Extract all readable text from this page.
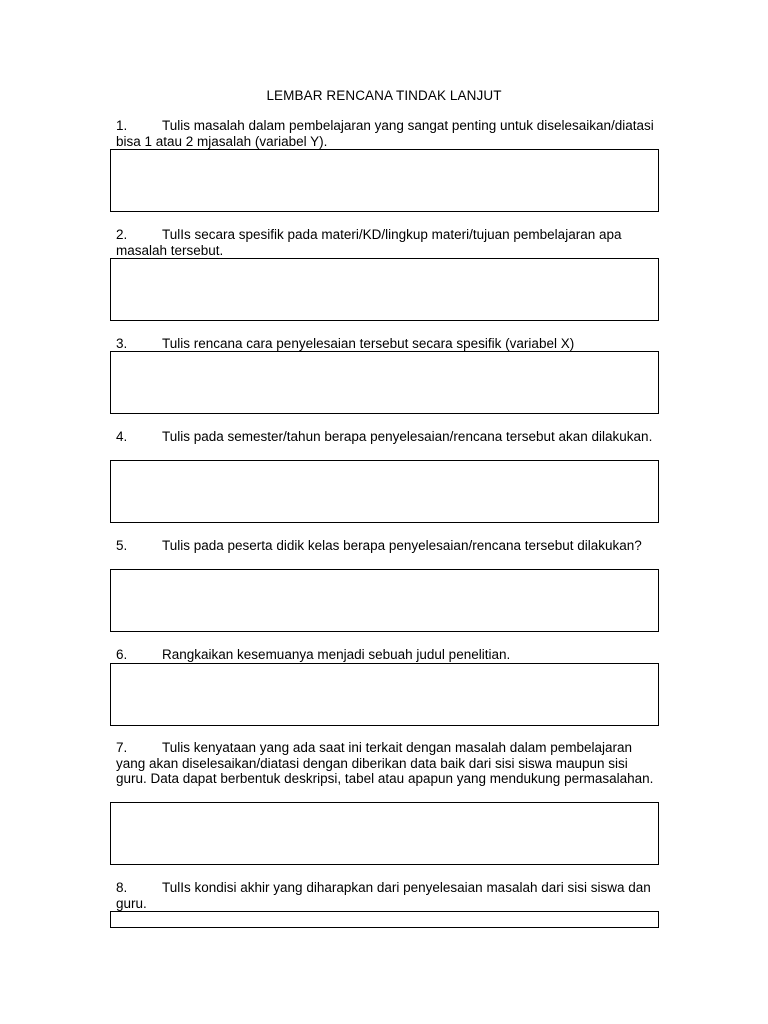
LEMBAR RENCANA TINDAK LANJUT
1.	Tulis masalah dalam pembelajaran yang sangat penting untuk diselesaikan/diatasi bisa 1 atau 2 mjasalah (variabel Y).
2.	TulIs secara spesifik pada materi/KD/lingkup materi/tujuan pembelajaran apa masalah tersebut.
3.	Tulis rencana cara penyelesaian tersebut secara spesifik (variabel X)
4.	Tulis pada semester/tahun berapa penyelesaian/rencana tersebut akan dilakukan.
5.	Tulis pada peserta didik kelas berapa penyelesaian/rencana tersebut dilakukan?
6.	Rangkaikan kesemuanya menjadi sebuah judul penelitian.
7.	Tulis kenyataan yang ada saat ini terkait dengan masalah dalam pembelajaran yang akan diselesaikan/diatasi dengan diberikan data baik dari sisi siswa maupun sisi guru. Data dapat berbentuk deskripsi, tabel atau apapun yang mendukung permasalahan.
8.	TulIs kondisi akhir yang diharapkan dari penyelesaian masalah dari sisi siswa dan guru.
